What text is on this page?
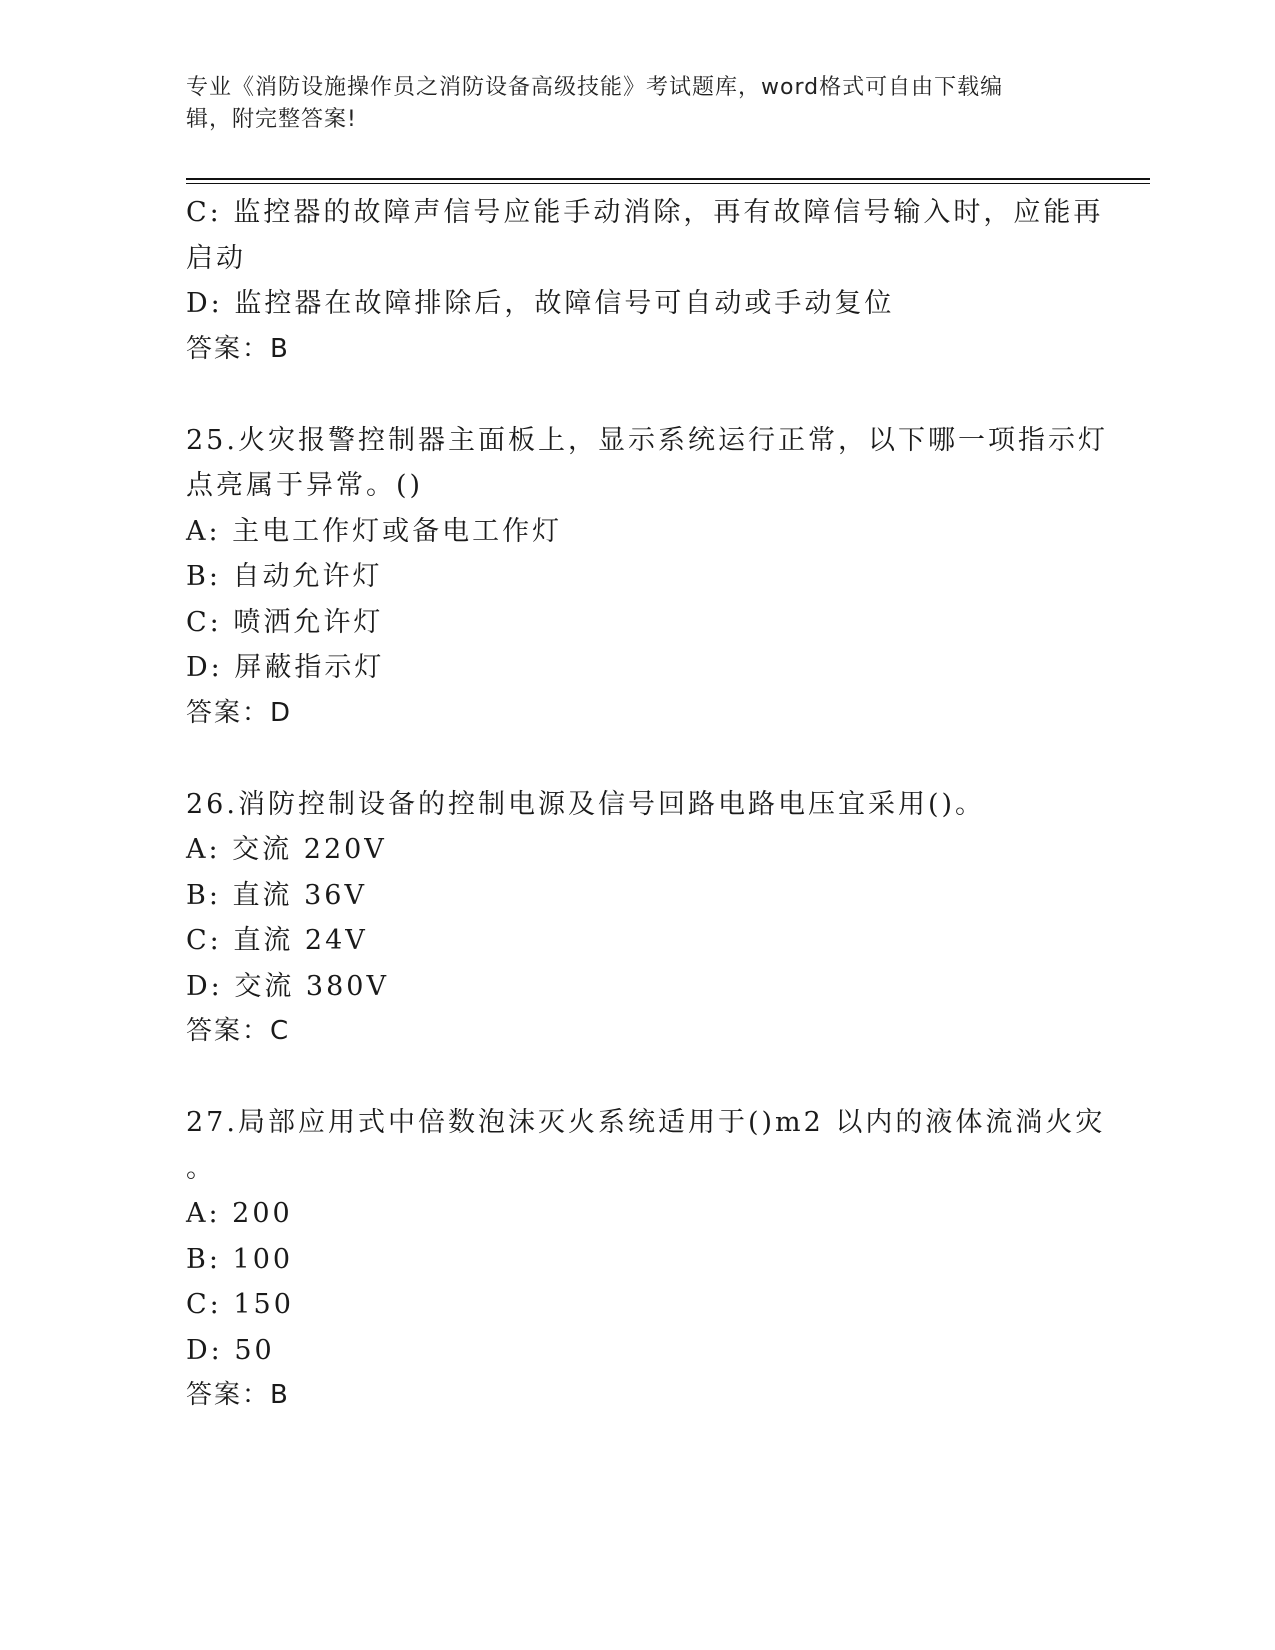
专业《消防设施操作员之消防设备高级技能》考试题库，word格式可自由下载编
辑，附完整答案!
C: 监控器的故障声信号应能手动消除，再有故障信号输入时，应能再
启动
D: 监控器在故障排除后，故障信号可自动或手动复位
答案：B
25.火灾报警控制器主面板上，显示系统运行正常，以下哪一项指示灯
点亮属于异常。()
A: 主电工作灯或备电工作灯
B: 自动允许灯
C: 喷洒允许灯
D: 屏蔽指示灯
答案：D
26.消防控制设备的控制电源及信号回路电路电压宜采用()。
A: 交流 220V
B: 直流 36V
C: 直流 24V
D: 交流 380V
答案：C
27.局部应用式中倍数泡沫灭火系统适用于()m2 以内的液体流淌火灾
。
A: 200
B: 100
C: 150
D: 50
答案：B
